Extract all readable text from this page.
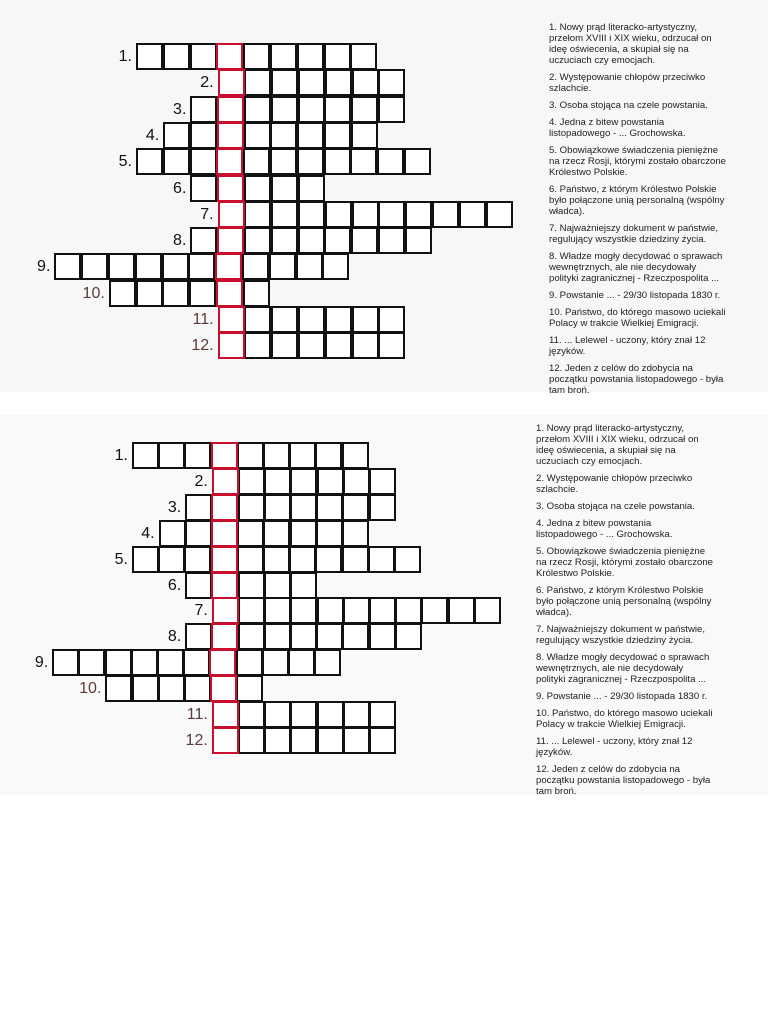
1.
2.
3.
4.
5.
6.
7.
8.
9.
10.
11.
12.
1. Nowy prąd literacko-artystyczny,
przełom XVIII i XIX wieku, odrzucał on
ideę oświecenia, a skupiał się na
uczuciach czy emocjach.
2. Występowanie chłopów przeciwko
szlachcie.
3. Osoba stojąca na czele powstania.
4. Jedna z bitew powstania
listopadowego - ... Grochowska.
5. Obowiązkowe świadczenia pieniężne
na rzecz Rosji, którymi zostało obarczone
Królestwo Polskie.
6. Państwo, z którym Królestwo Polskie
było połączone unią personalną (wspólny
władca).
7. Najważniejszy dokument w państwie,
regulujący wszystkie dziedziny życia.
8. Władze mogły decydować o sprawach
wewnętrznych, ale nie decydowały
polityki zagranicznej - Rzeczpospolita ...
9. Powstanie ... - 29/30 listopada 1830 r.
10. Państwo, do którego masowo uciekali
Polacy w trakcie Wielkiej Emigracji.
11. ... Lelewel - uczony, który znał 12
języków.
12. Jeden z celów do zdobycia na
początku powstania listopadowego - była
tam broń.
1.
2.
3.
4.
5.
6.
7.
8.
9.
10.
11.
12.
1. Nowy prąd literacko-artystyczny,
przełom XVIII i XIX wieku, odrzucał on
ideę oświecenia, a skupiał się na
uczuciach czy emocjach.
2. Występowanie chłopów przeciwko
szlachcie.
3. Osoba stojąca na czele powstania.
4. Jedna z bitew powstania
listopadowego - ... Grochowska.
5. Obowiązkowe świadczenia pieniężne
na rzecz Rosji, którymi zostało obarczone
Królestwo Polskie.
6. Państwo, z którym Królestwo Polskie
było połączone unią personalną (wspólny
władca).
7. Najważniejszy dokument w państwie,
regulujący wszystkie dziedziny życia.
8. Władze mogły decydować o sprawach
wewnętrznych, ale nie decydowały
polityki zagranicznej - Rzeczpospolita ...
9. Powstanie ... - 29/30 listopada 1830 r.
10. Państwo, do którego masowo uciekali
Polacy w trakcie Wielkiej Emigracji.
11. ... Lelewel - uczony, który znał 12
języków.
12. Jeden z celów do zdobycia na
początku powstania listopadowego - była
tam broń.
